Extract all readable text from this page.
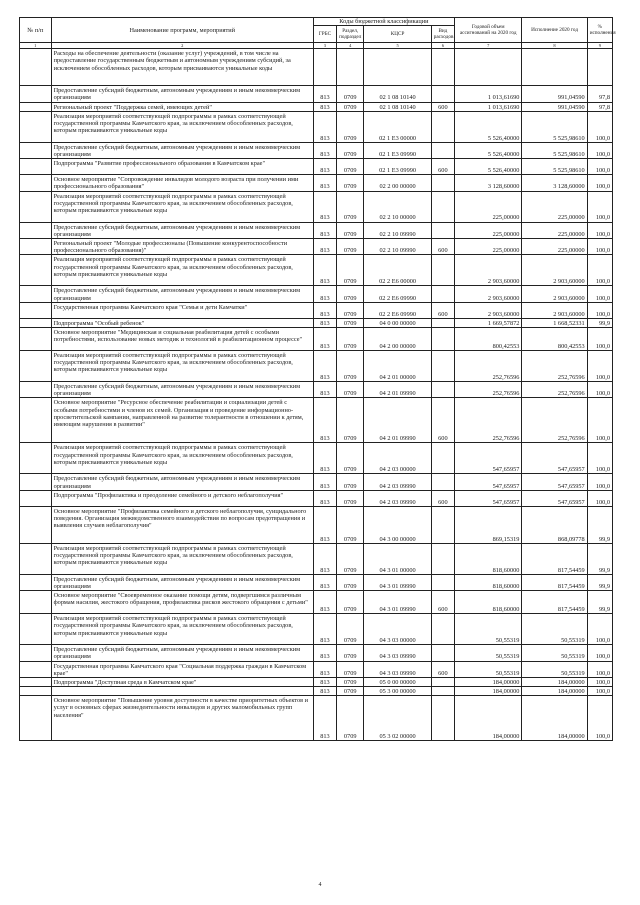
№ п/п	Наименование программ, мероприятий	Коды бюджетной классификации				Годовой объем ассигнований на 2020 год	Исполнение 2020 год	% исполнения
		ГРБС	Раздел, подраздел	КЦСР	Вид расходов			
1	2	3	4	5	6	7	8	9
	Расходы на обеспечение деятельности (оказание услуг) учреждений, в том числе на предоставление государственным бюджетным и автономным учреждениям субсидий, за исключением обособленных расходов, которым присваиваются уникальные коды							
	Предоставление субсидий бюджетным, автономным учреждениям и иным некоммерческим организациям	813	0709	02 1 08 10140		1 013,61690	991,04590	97,8
	Региональный проект "Поддержка семей, имеющих детей"	813	0709	02 1 08 10140	600	1 013,61690	991,04590	97,8
	Реализация мероприятий соответствующей подпрограммы в рамках соответствующей государственной программы Камчатского края, за исключением обособленных расходов, которым присваиваются уникальные коды	813	0709	02 1 E3 00000		5 526,40000	5 525,98610	100,0
	Предоставление субсидий бюджетным, автономным учреждениям и иным некоммерческим организациям	813	0709	02 1 E3 09990		5 526,40000	5 525,98610	100,0
	Подпрограмма "Развитие профессионального образования в Камчатском крае"	813	0709	02 1 E3 09990	600	5 526,40000	5 525,98610	100,0
	Основное мероприятие "Сопровождение инвалидов молодого возраста при получении ими профессионального образования"	813	0709	02 2 00 00000		3 128,60000	3 128,60000	100,0
	Реализация мероприятий соответствующей подпрограммы в рамках соответствующей государственной программы Камчатского края, за исключением обособленных расходов, которым присваиваются уникальные коды	813	0709	02 2 10 00000		225,00000	225,00000	100,0
	Предоставление субсидий бюджетным, автономным учреждениям и иным некоммерческим организациям	813	0709	02 2 10 09990		225,00000	225,00000	100,0
	Региональный проект "Молодые профессионалы (Повышение конкурентоспособности профессионального образования)"	813	0709	02 2 10 09990	600	225,00000	225,00000	100,0
	Реализация мероприятий соответствующей подпрограммы в рамках соответствующей государственной программы Камчатского края, за исключением обособленных расходов, которым присваиваются уникальные коды	813	0709	02 2 E6 00000		2 903,60000	2 903,60000	100,0
	Предоставление субсидий бюджетным, автономным учреждениям и иным некоммерческим организациям	813	0709	02 2 E6 09990		2 903,60000	2 903,60000	100,0
	Государственная программа Камчатского края "Семья и дети Камчатки"	813	0709	02 2 E6 09990	600	2 903,60000	2 903,60000	100,0
	Подпрограмма "Особый ребенок"	813	0709	04 0 00 00000		1 669,57872	1 668,52331	99,9
	Основное мероприятие "Медицинская и социальная реабилитация детей с особыми потребностями, использование новых методик и технологий в реабилитационном процессе"	813	0709	04 2 00 00000		800,42553	800,42553	100,0
	Реализация мероприятий соответствующей подпрограммы в рамках соответствующей государственной программы Камчатского края, за исключением обособленных расходов, которым присваиваются уникальные коды	813	0709	04 2 01 00000		252,76596	252,76596	100,0
	Предоставление субсидий бюджетным, автономным учреждениям и иным некоммерческим организациям	813	0709	04 2 01 09990		252,76596	252,76596	100,0
	Основное мероприятие "Ресурсное обеспечение реабилитации и социализации детей с особыми потребностями и членов их семей. Организация и проведение информационно-просветительской кампании, направленной на развитие толерантности в отношении к детям, имеющим нарушения в развитии"	813	0709	04 2 01 09990	600	252,76596	252,76596	100,0
	Реализация мероприятий соответствующей подпрограммы в рамках соответствующей государственной программы Камчатского края, за исключением обособленных расходов, которым присваиваются уникальные коды	813	0709	04 2 03 00000		547,65957	547,65957	100,0
	Предоставление субсидий бюджетным, автономным учреждениям и иным некоммерческим организациям	813	0709	04 2 03 09990		547,65957	547,65957	100,0
	Подпрограмма "Профилактика и преодоление семейного и детского неблагополучия"	813	0709	04 2 03 09990	600	547,65957	547,65957	100,0
	Основное мероприятие "Профилактика семейного и детского неблагополучия, суицидального поведения. Организация межведомственного взаимодействия по вопросам предотвращения и выявления случаев неблагополучия"	813	0709	04 3 00 00000		869,15319	868,09778	99,9
	Реализация мероприятий соответствующей подпрограммы в рамках соответствующей государственной программы Камчатского края, за исключением обособленных расходов, которым присваиваются уникальные коды	813	0709	04 3 01 00000		818,60000	817,54459	99,9
	Предоставление субсидий бюджетным, автономным учреждениям и иным некоммерческим организациям	813	0709	04 3 01 09990		818,60000	817,54459	99,9
	Основное мероприятие "Своевременное оказание помощи детям, подвергшимся различным формам насилия, жестокого обращения, профилактика рисков жестокого обращения с детьми"	813	0709	04 3 01 09990	600	818,60000	817,54459	99,9
	Реализация мероприятий соответствующей подпрограммы в рамках соответствующей государственной программы Камчатского края, за исключением обособленных расходов, которым присваиваются уникальные коды	813	0709	04 3 03 00000		50,55319	50,55319	100,0
	Предоставление субсидий бюджетным, автономным учреждениям и иным некоммерческим организациям	813	0709	04 3 03 09990		50,55319	50,55319	100,0
	Государственная программа Камчатского края "Социальная поддержка граждан в Камчатском крае"	813	0709	04 3 03 09990	600	50,55319	50,55319	100,0
	Подпрограмма "Доступная среда в Камчатском крае"	813	0709	05 0 00 00000		184,00000	184,00000	100,0
		813	0709	05 3 00 00000		184,00000	184,00000	100,0
	Основное мероприятие "Повышение уровня доступности в качестве приоритетных объектов и услуг в основных сферах жизнедеятельности инвалидов и других маломобильных групп населения"	813	0709	05 3 02 00000		184,00000	184,00000	100,0
4
